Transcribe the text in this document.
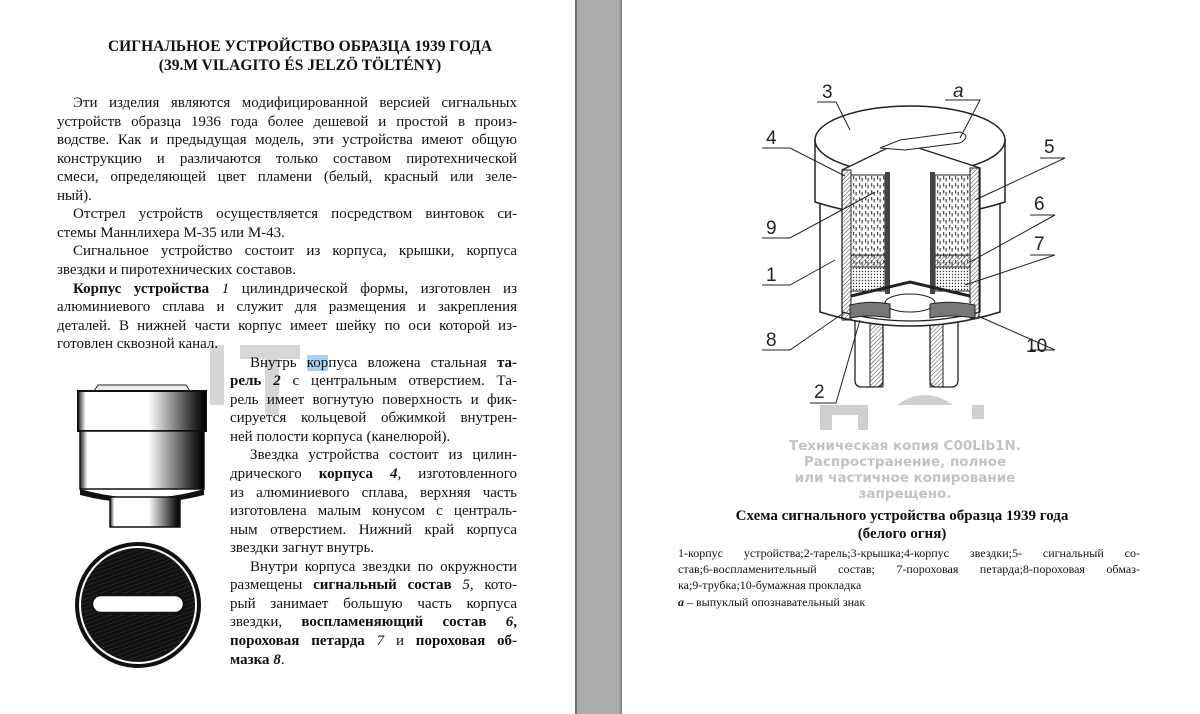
СИГНАЛЬНОЕ УСТРОЙСТВО ОБРАЗЦА 1939 ГОДА
(39.M VILAGITO ÉS JELZÖ TÖLTÉNY)
Эти изделия являются модифицированной версией сигнальных
устройств образца 1936 года более дешевой и простой в произ-
водстве. Как и предыдущая модель, эти устройства имеют общую
конструкцию и различаются только составом пиротехнической
смеси, определяющей цвет пламени (белый, красный или зеле-
ный).
Отстрел устройств осуществляется посредством винтовок си-
стемы Маннлихера М-35 или М-43.
Сигнальное устройство состоит из корпуса, крышки, корпуса
звездки и пиротехнических составов.
Корпус устройства 1 цилиндрической формы, изготовлен из
алюминиевого сплава и служит для размещения и закрепления
деталей. В нижней части корпус имеет шейку по оси которой из-
готовлен сквозной канал.
Внутрь корпуса вложена стальная та-
рель 2 с центральным отверстием. Та-
рель имеет вогнутую поверхность и фик-
сируется кольцевой обжимкой внутрен-
ней полости корпуса (канелюрой).
Звездка устройства состоит из цилин-
дрического корпуса 4, изготовленного
из алюминиевого сплава, верхняя часть
изготовлена малым конусом с централь-
ным отверстием. Нижний край корпуса
звездки загнут внутрь.
Внутри корпуса звездки по окружности
размещены сигнальный состав 5, кото-
рый занимает большую часть корпуса
звездки, воспламеняющий состав 6,
пороховая петарда 7 и пороховая об-
мазка 8.
3	a
4	5
9
6
7
1
8	10
2
Техническая копия C00Lib1N.
Распространение, полное
или частичное копирование
запрещено.
Схема сигнального устройства образца 1939 года
(белого огня)
1-корпус устройства;2-тарель;3-крышка;4-корпус звездки;5- сигнальный со-
став;6-воспламенительный состав; 7-пороховая петарда;8-пороховая обмаз-
ка;9-трубка;10-бумажная прокладка
а – выпуклый опознавательный знак
